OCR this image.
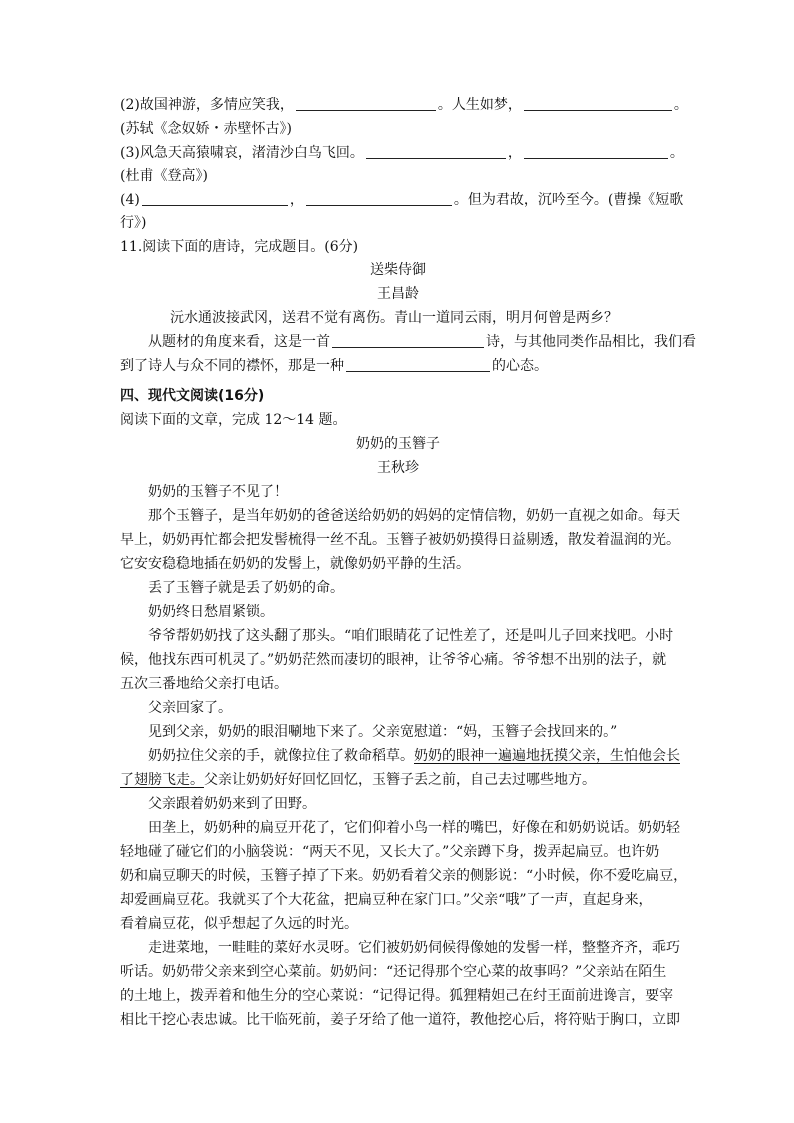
(2)故国神游，多情应笑我，	。人生如梦，	。
(苏轼《念奴娇・赤壁怀古》)
(3)风急天高猿啸哀，渚清沙白鸟飞回。	，	。
(杜甫《登高》)
(4)	，	。但为君故，沉吟至今。(曹操《短歌
行》)
11.阅读下面的唐诗，完成题目。(6分)
送柴侍御
王昌龄
沅水通波接武冈，送君不觉有离伤。青山一道同云雨，明月何曾是两乡？
从题材的角度来看，这是一首	诗，与其他同类作品相比，我们看
到了诗人与众不同的襟怀，那是一种	的心态。
四、现代文阅读(16分)
阅读下面的文章，完成 12～14 题。
奶奶的玉簪子
王秋珍
奶奶的玉簪子不见了！
那个玉簪子，是当年奶奶的爸爸送给奶奶的妈妈的定情信物，奶奶一直视之如命。每天
早上，奶奶再忙都会把发髻梳得一丝不乱。玉簪子被奶奶摸得日益剔透，散发着温润的光。
它安安稳稳地插在奶奶的发髻上，就像奶奶平静的生活。
丢了玉簪子就是丢了奶奶的命。
奶奶终日愁眉紧锁。
爷爷帮奶奶找了这头翻了那头。“咱们眼睛花了记性差了，还是叫儿子回来找吧。小时
候，他找东西可机灵了。”奶奶茫然而凄切的眼神，让爷爷心痛。爷爷想不出别的法子，就
五次三番地给父亲打电话。
父亲回家了。
见到父亲，奶奶的眼泪唰地下来了。父亲宽慰道：“妈，玉簪子会找回来的。”
奶奶拉住父亲的手，就像拉住了救命稻草。奶奶的眼神一遍遍地抚摸父亲，生怕他会长
了翅膀飞走。父亲让奶奶好好回忆回忆，玉簪子丢之前，自己去过哪些地方。
父亲跟着奶奶来到了田野。
田垄上，奶奶种的扁豆开花了，它们仰着小鸟一样的嘴巴，好像在和奶奶说话。奶奶轻
轻地碰了碰它们的小脑袋说：“两天不见，又长大了。”父亲蹲下身，拨弄起扁豆。也许奶
奶和扁豆聊天的时候，玉簪子掉了下来。奶奶看着父亲的侧影说：“小时候，你不爱吃扁豆，
却爱画扁豆花。我就买了个大花盆，把扁豆种在家门口。”父亲“哦”了一声，直起身来，
看着扁豆花，似乎想起了久远的时光。
走进菜地，一畦畦的菜好水灵呀。它们被奶奶伺候得像她的发髻一样，整整齐齐，乖巧
听话。奶奶带父亲来到空心菜前。奶奶问：“还记得那个空心菜的故事吗？”父亲站在陌生
的土地上，拨弄着和他生分的空心菜说：“记得记得。狐狸精妲己在纣王面前进谗言，要宰
相比干挖心表忠诚。比干临死前，姜子牙给了他一道符，教他挖心后，将符贴于胸口，立即
